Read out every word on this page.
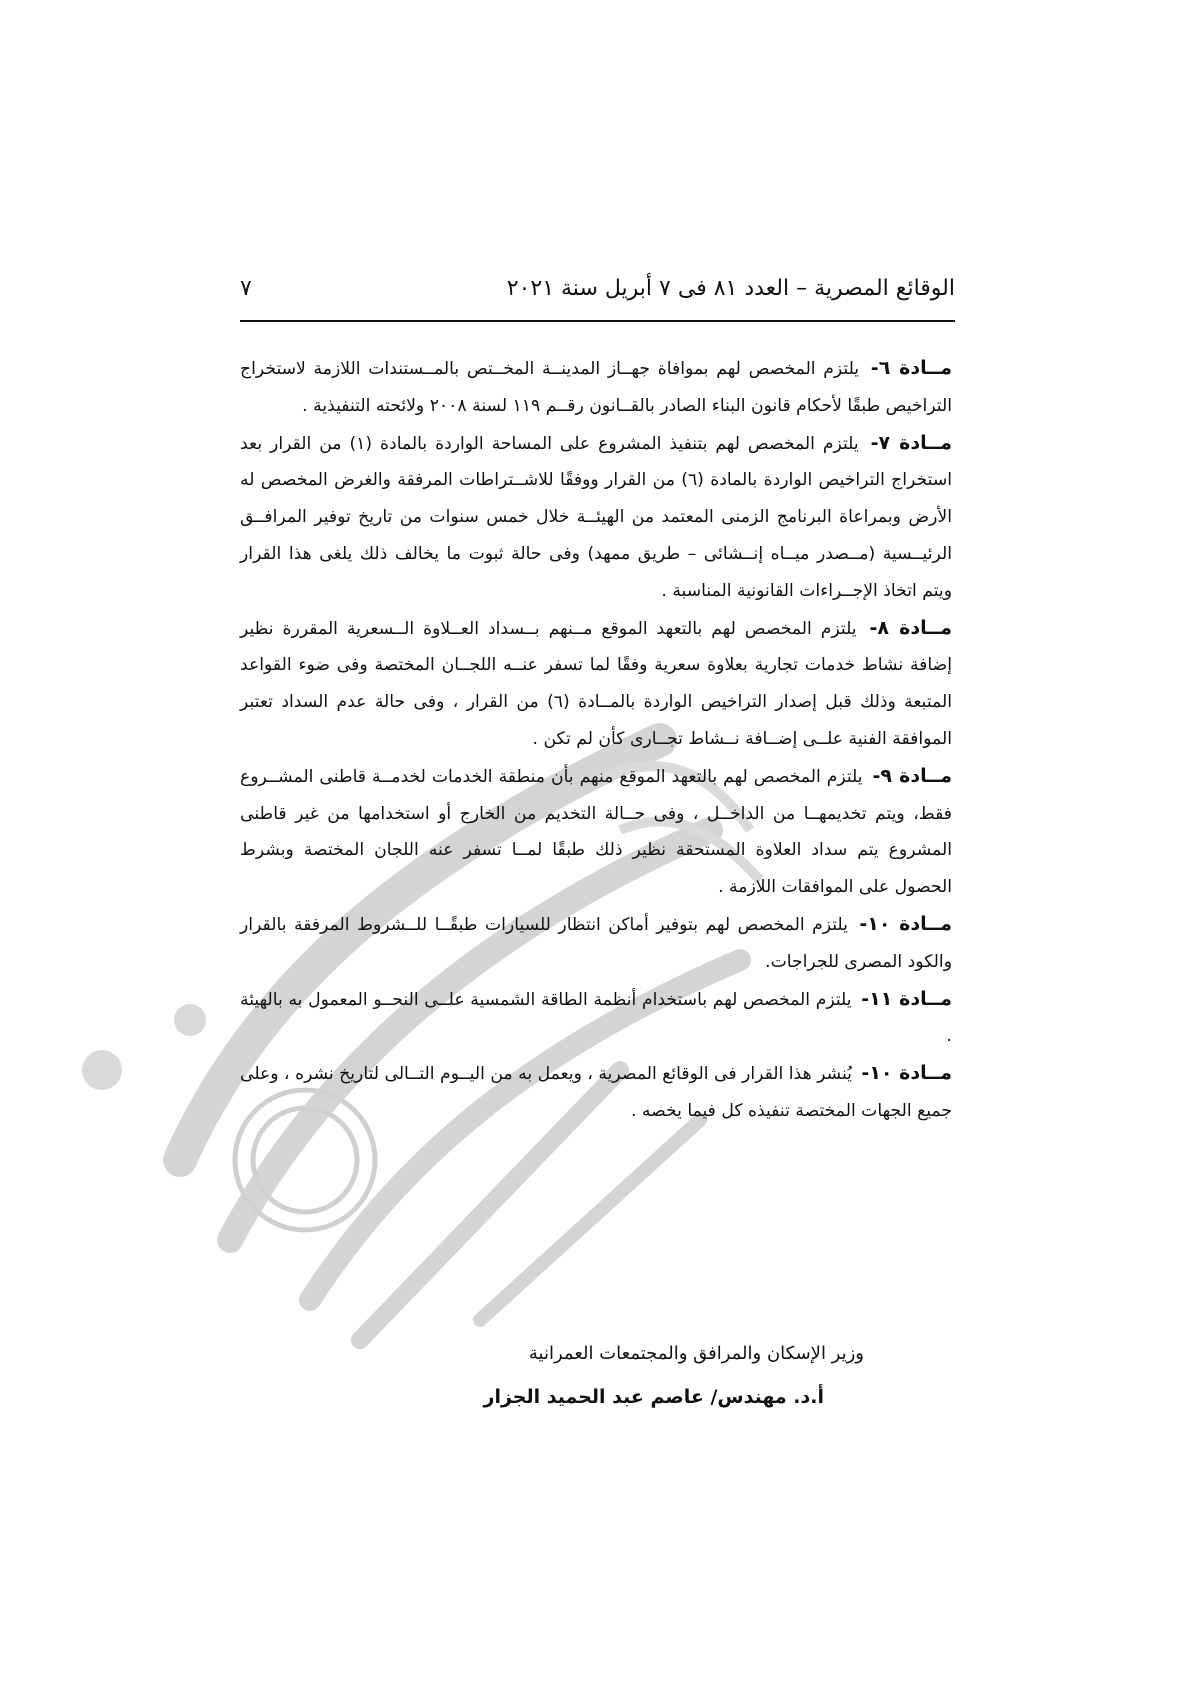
الوقائع المصرية – العدد ٨١ فى ٧ أبريل سنة ٢٠٢١
٧

مــادة ٦- يلتزم المخصص لهم بموافاة جهــاز المدينــة المخــتص بالمــستندات اللازمة لاستخراج التراخيص طبقًا لأحكام قانون البناء الصادر بالقــانون رقــم ١١٩ لسنة ٢٠٠٨ ولائحته التنفيذية .

مــادة ٧- يلتزم المخصص لهم بتنفيذ المشروع على المساحة الواردة بالمادة (١) من القرار بعد استخراج التراخيص الواردة بالمادة (٦) من القرار ووفقًا للاشــتراطات المرفقة والغرض المخصص له الأرض وبمراعاة البرنامج الزمنى المعتمد من الهيئــة خلال خمس سنوات من تاريخ توفير المرافــق الرئيــسية (مــصدر ميــاه إنــشائى – طريق ممهد) وفى حالة ثبوت ما يخالف ذلك يلغى هذا القرار ويتم اتخاذ الإجــراءات القانونية المناسبة .

مــادة ٨- يلتزم المخصص لهم بالتعهد الموقع مــنهم بــسداد العــلاوة الــسعرية المقررة نظير إضافة نشاط خدمات تجارية بعلاوة سعرية وفقًا لما تسفر عنــه اللجــان المختصة وفى ضوء القواعد المتبعة وذلك قبل إصدار التراخيص الواردة بالمــادة (٦) من القرار ، وفى حالة عدم السداد تعتبر الموافقة الفنية علــى إضــافة نــشاط تجــارى كأن لم تكن .

مــادة ٩- يلتزم المخصص لهم بالتعهد الموقع منهم بأن منطقة الخدمات لخدمــة قاطنى المشــروع فقط، ويتم تخديمهــا من الداخــل ، وفى حــالة التخديم من الخارج أو استخدامها من غير قاطنى المشروع يتم سداد العلاوة المستحقة نظير ذلك طبقًا لمــا تسفر عنه اللجان المختصة وبشرط الحصول على الموافقات اللازمة .

مــادة ١٠- يلتزم المخصص لهم بتوفير أماكن انتظار للسيارات طبقًــا للــشروط المرفقة بالقرار والكود المصرى للجراجات.

مــادة ١١- يلتزم المخصص لهم باستخدام أنظمة الطاقة الشمسية علــى النحــو المعمول به بالهيئة .

مــادة ١٠- يُنشر هذا القرار فى الوقائع المصرية ، ويعمل به من اليــوم التــالى لتاريخ نشره ، وعلى جميع الجهات المختصة تنفيذه كل فيما يخصه .

وزير الإسكان والمرافق والمجتمعات العمرانية
أ.د. مهندس/ عاصم عبد الحميد الجزار
